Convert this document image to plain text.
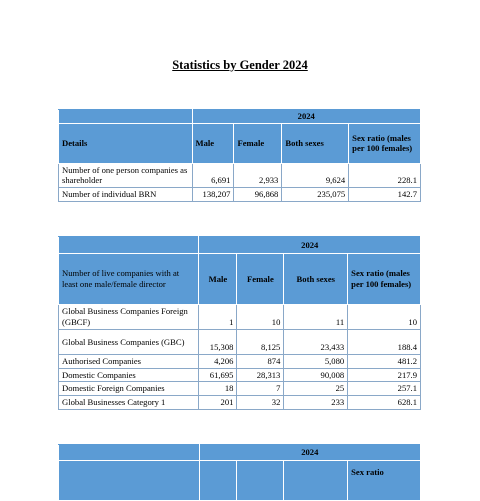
Statistics by Gender 2024
	2024			
Details	Male	Female	Both sexes	Sex ratio (males per 100 females)
Number of one person companies as shareholder	6,691	2,933	9,624	228.1
Number of individual BRN	138,207	96,868	235,075	142.7
	2024			
Number of live companies with at least one male/female director	Male	Female	Both sexes	Sex ratio (males per 100 females)
Global Business Companies Foreign (GBCF)	1	10	11	10
Global Business Companies (GBC)	15,308	8,125	23,433	188.4
Authorised Companies	4,206	874	5,080	481.2
Domestic Companies	61,695	28,313	90,008	217.9
Domestic Foreign Companies	18	7	25	257.1
Global Businesses Category 1	201	32	233	628.1
	2024			
				Sex ratio
